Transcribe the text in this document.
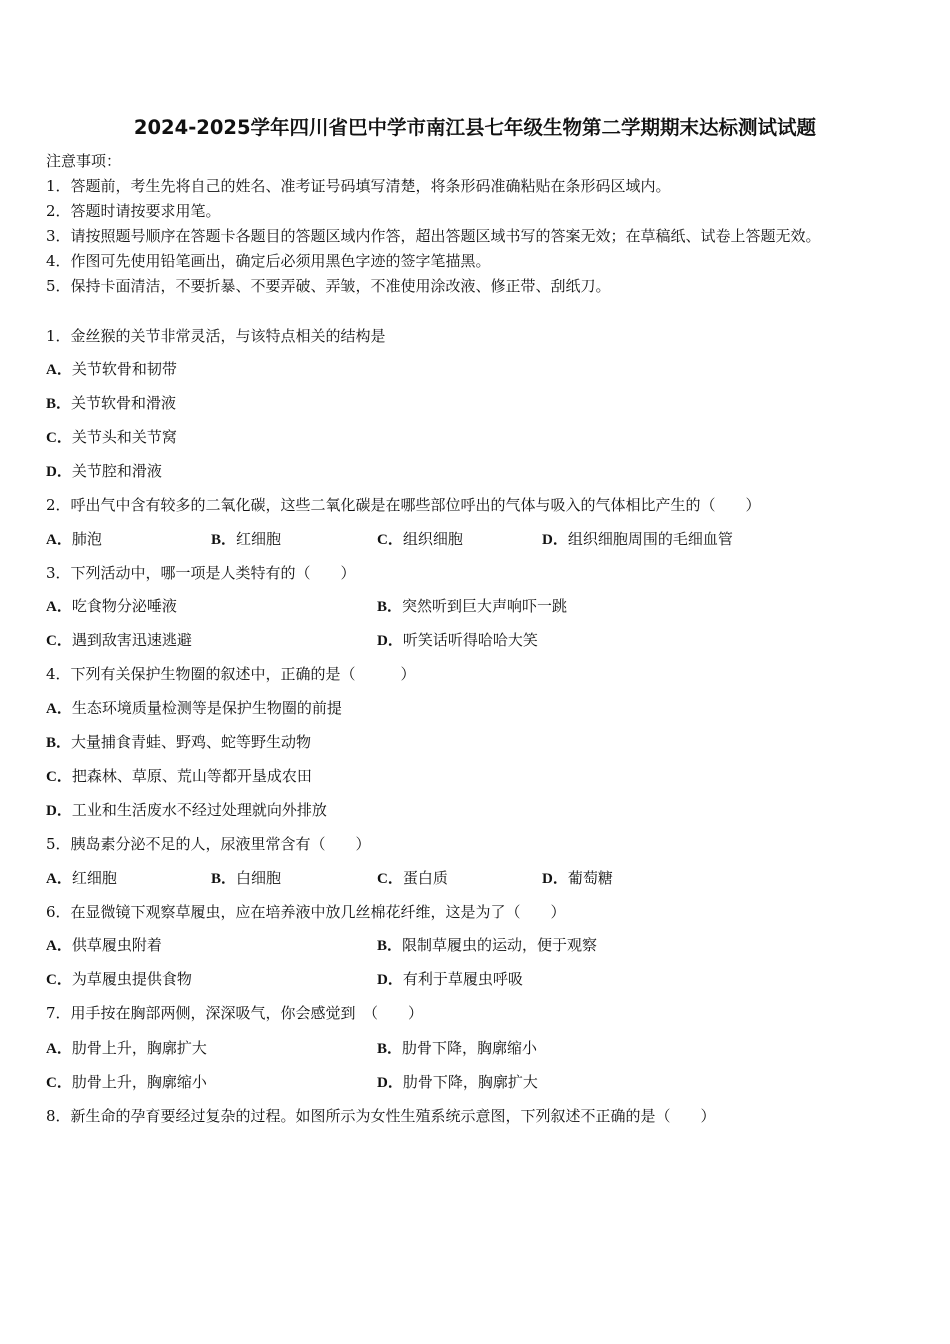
2024-2025学年四川省巴中学市南江县七年级生物第二学期期末达标测试试题
注意事项：
1．答题前，考生先将自己的姓名、准考证号码填写清楚，将条形码准确粘贴在条形码区域内。
2．答题时请按要求用笔。
3．请按照题号顺序在答题卡各题目的答题区域内作答，超出答题区域书写的答案无效；在草稿纸、试卷上答题无效。
4．作图可先使用铅笔画出，确定后必须用黑色字迹的签字笔描黑。
5．保持卡面清洁，不要折暴、不要弄破、弄皱，不准使用涂改液、修正带、刮纸刀。
1．金丝猴的关节非常灵活，与该特点相关的结构是
A．关节软骨和韧带
B．关节软骨和滑液
C．关节头和关节窝
D．关节腔和滑液
2．呼出气中含有较多的二氧化碳，这些二氧化碳是在哪些部位呼出的气体与吸入的气体相比产生的（　　）
A．肺泡	B．红细胞	C．组织细胞	D．组织细胞周围的毛细血管
3．下列活动中，哪一项是人类特有的（　　）
A．吃食物分泌唾液	B．突然听到巨大声响吓一跳
C．遇到敌害迅速逃避	D．听笑话听得哈哈大笑
4．下列有关保护生物圈的叙述中，正确的是（　　　）
A．生态环境质量检测等是保护生物圈的前提
B．大量捕食青蛙、野鸡、蛇等野生动物
C．把森林、草原、荒山等都开垦成农田
D．工业和生活废水不经过处理就向外排放
5．胰岛素分泌不足的人，尿液里常含有（　　）
A．红细胞	B．白细胞	C．蛋白质	D．葡萄糖
6．在显微镜下观察草履虫，应在培养液中放几丝棉花纤维，这是为了（　　）
A．供草履虫附着	B．限制草履虫的运动，便于观察
C．为草履虫提供食物	D．有利于草履虫呼吸
7．用手按在胸部两侧，深深吸气，你会感觉到　（　　）
A．肋骨上升，胸廓扩大	B．肋骨下降，胸廓缩小
C．肋骨上升，胸廓缩小	D．肋骨下降，胸廓扩大
8．新生命的孕育要经过复杂的过程。如图所示为女性生殖系统示意图，下列叙述不正确的是（　　）
